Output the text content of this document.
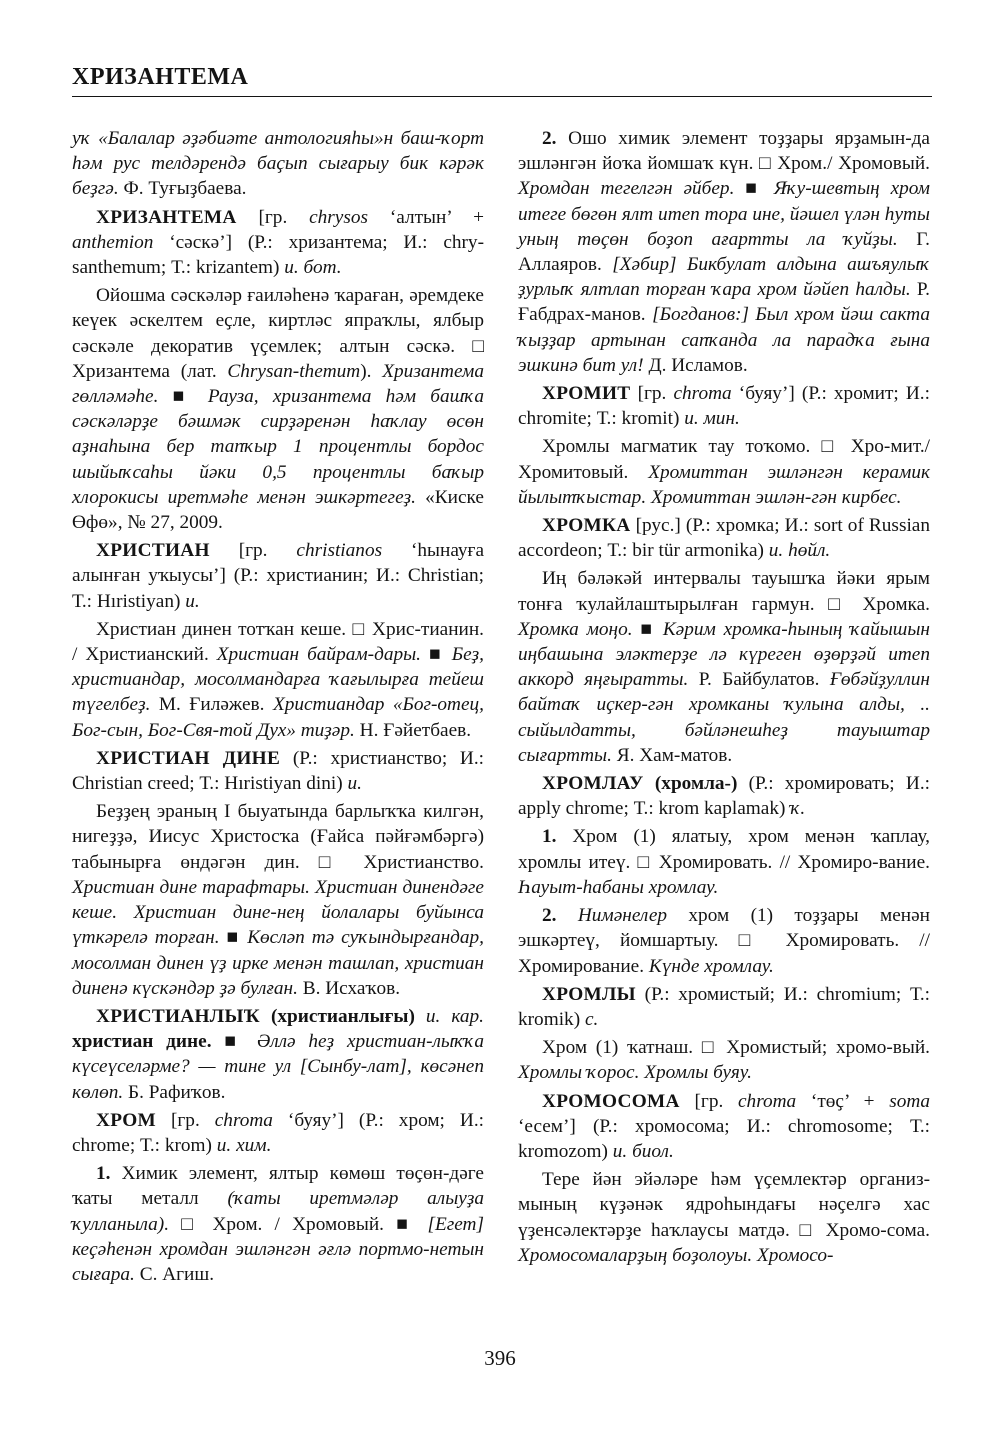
ХРИЗАНТЕМА

уҡ «Балалар әҙәбиәте антологияһы»н баш-ҡорт һәм рус телдәрендә баҫып сығарыу бик кәрәк беҙгә. Ф. Туғыҙбаева.

ХРИЗАНТЕМА [гр. chrysos ‘алтын’ + anthemion ‘сәскә’] (Р.: хризантема; И.: chry-santhemum; Т.: krizantem) и. бот.

Ойошма сәскәләр ғаиләһенә ҡараған, әремдеке кеүек әскелтем еҫле, киртләс япраҡлы, ялбыр сәскәле декоратив үҫемлек; алтын сәскә. □ Хризантема (лат. Chrysan-themum). Хризантема гөлләмәһе. ■ Рауза, хризантема һәм башҡа сәскәләрҙе бәшмәк сирҙәренән һаҡлау өсөн аҙнаһына бер тапҡыр 1 процентлы бордос шыйыҡсаһы йәки 0,5 процентлы баҡыр хлорокисы иретмәһе менән эшкәртегеҙ. «Киске Өфө», № 27, 2009.

ХРИСТИАН [гр. christianos ‘һынауға алынған уҡыусы’] (Р.: христианин; И.: Christian; Т.: Hıristiyan) и.

Христиан динен тотҡан кеше. □ Хрис-тианин. / Христианский. Христиан байрам-дары. ■ Беҙ, христиандар, мосолмандарға ҡағылырға тейеш түгелбеҙ. М. Ғиләжев. Христиандар «Бог-отец, Бог-сын, Бог-Свя-той Дух» тиҙәр. Н. Ғәйетбаев.

ХРИСТИАН ДИНЕ (Р.: христианство; И.: Christian creed; Т.: Hıristiyan dini) и.

Беҙҙең эраның I быуатында барлыҡҡа килгән, нигеҙҙә, Иисус Христосҡа (Ғайса пәйғәмбәргә) табынырға өндәгән дин. □ Христианство. Христиан дине тарафтары. Христиан динендәге кеше. Христиан дине-нең йолалары буйынса үткәрелә торған. ■ Көсләп тә суҡындырғандар, мосолман динен үҙ ирке менән ташлап, христиан диненә күскәндәр ҙә булған. В. Исхаҡов.

ХРИСТИАНЛЫҠ (христианлығы) и. кар. христиан дине. ■ Әллә һеҙ христиан-лыҡҡа күсеүселәрме? — тине ул [Сынбу-лат], көсәнеп көлөп. Б. Рафиҡов.

ХРОМ [гр. chroma ‘буяу’] (Р.: хром; И.: chrome; Т.: krom) и. хим.

1. Химик элемент, ялтыр көмөш төҫөн-дәге ҡаты металл (ҡаты иретмәләр алыуҙа ҡулланыла). □ Хром. / Хромовый. ■ [Егет] кеҫәһенән хромдан эшләнгән әғлә портмо-нетын сығара. С. Агиш.

2. Ошо химик элемент тоҙҙары ярҙамын-да эшләнгән йоҡа йомшаҡ күн. □ Хром./ Хромовый. Хромдан тегелгән әйбер. ■ Яҡу-шевтың хром итеге бөгөн ялт итеп тора ине, йәшел үлән һуты уның төҫөн боҙоп ағартты ла ҡуйҙы. Г. Аллаяров. [Хәбир] Бикбулат алдына ашъяулыҡ ҙурлыҡ ялтлап торған ҡара хром йәйеп һалды. Р. Ғабдрах-манов. [Богданов:] Был хром йәш сакта ҡыҙҙар артынан сапҡанда ла парадҡа ғына эшкинә бит ул! Д. Исламов.

ХРОМИТ [гр. chroma ‘буяу’] (Р.: хромит; И.: chromite; Т.: kromit) и. мин.

Хромлы магматик тау тоҡомо. □ Хро-мит./ Хромитовый. Хромиттан эшләнгән керамик йылытҡыстар. Хромиттан эшлән-гән кирбес.

ХРОМКА [рус.] (Р.: хромка; И.: sort of Russian accordeon; Т.: bir tür armonika) и. һөйл.

Иң бәләкәй интервалы тауышҡа йәки ярым тонға ҡулайлаштырылған гармун. □ Хромка. Хромка моңо. ■ Кәрим хромка-һының ҡайышын иңбашына эләктерҙе лә күреген өҙөрҙәй итеп аккорд яңғыратты. Р. Байбулатов. Ғөбәйҙуллин байтаҡ иҫкер-гән хромканы ҡулына алды, .. сыйылдатты, бәйләнешһеҙ тауыштар сығартты. Я. Хам-матов.

ХРОМЛАУ (хромла-) (Р.: хромировать; И.: apply chrome; Т.: krom kaplamak) ҡ.

1. Хром (1) ялатыу, хром менән ҡаплау, хромлы итеү. □ Хромировать. // Хромиро-вание. Һауыт-һабаны хромлау.

2. Нимәнелер хром (1) тоҙҙары менән эшкәртеү, йомшартыу. □ Хромировать. // Хромирование. Күнде хромлау.

ХРОМЛЫ (Р.: хромистый; И.: chromium; Т.: kromik) с.

Хром (1) ҡатнаш. □ Хромистый; хромо-вый. Хромлы ҡорос. Хромлы буяу.

ХРОМОСОМА [гр. chroma ‘төҫ’ + soma ‘есем’] (Р.: хромосома; И.: chromosome; Т.: kromozom) и. биол.

Тере йән эйәләре һәм үҫемлектәр организ-мының күҙәнәк ядроһындағы нәҫелгә хас үҙенсәлектәрҙе һаҡлаусы матдә. □ Хромо-сома. Хромосомаларҙың боҙолоуы. Хромосо-

396
